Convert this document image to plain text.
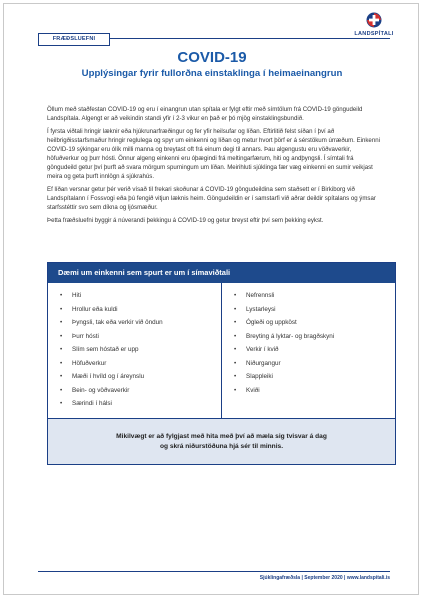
FRÆÐSLUEFNI
LANDSPÍTALI
COVID-19
Upplýsingar fyrir fullorðna einstaklinga í heimaeinangrun

Öllum með staðfestan COVID-19 og eru í einangrun utan spítala er fylgt eftir með símtölum frá COVID-19 göngudeild Landspítala. Algengt er að veikindin standi yfir í 2-3 vikur en það er þó mjög einstaklingsbundið.

Í fyrsta viðtali hringir læknir eða hjúkrunarfræðingur og fer yfir heilsufar og líðan. Eftirlitið felst síðan í því að heilbrigðisstarfsmaður hringir reglulega og spyr um einkenni og líðan og metur hvort þörf er á sérstökum úrræðum. Einkenni COVID-19 sýkingar eru ólík milli manna og breytast oft frá einum degi til annars. Þau algengustu eru vöðvaverkir, höfuðverkur og þurr hósti. Önnur algeng einkenni eru óþægindi frá meltingarfærum, hiti og andþyngsli. Í símtali frá göngudeild getur því þurft að svara mörgum spurningum um líðan. Meirihluti sjúklinga fær væg einkenni en sumir veikjast meira og geta þurft innlögn á sjúkrahús.

Ef líðan versnar getur þér verið vísað til frekari skoðunar á COVID-19 göngudeildina sem staðsett er í Birkiborg við Landspítalann í Fossvogi eða þú fengið vitjun læknis heim. Göngudeildin er í samstarfi við aðrar deildir spítalans og ýmsar starfsstéttir svo sem díkna og ljósmæður.

Þetta fræðsluefni byggir á núverandi þekkingu á COVID-19 og getur breyst eftir því sem þekking eykst.

Dæmi um einkenni sem spurt er um í símaviðtali
• Hiti
• Hrollur eða kuldi
• Þyngsli, tak eða verkir við öndun
• Þurr hósti
• Slím sem hóstað er upp
• Höfuðverkur
• Mæði í hvíld og í áreynslu
• Bein- og vöðvaverkir
• Særindi í hálsi
• Nefrennsli
• Lystarleysi
• Ógleði og uppköst
• Breyting á lyktar- og bragðskyni
• Verkir í kvið
• Niðurgangur
• Slappleiki
• Kviði
Mikilvægt er að fylgjast með hita með því að mæla sig tvisvar á dag
og skrá niðurstöðuna hjá sér til minnis.
Sjúklingafræðsla | September 2020 | www.landspitali.is
